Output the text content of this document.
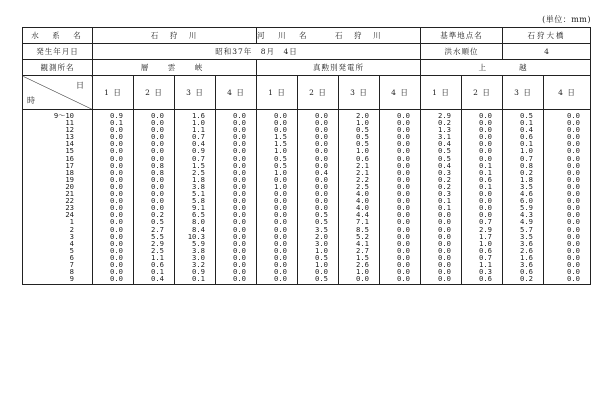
(単位：mm)
水　系　名	石　狩　川				河　川　名	石　狩　川			基準地点名		石狩大橋	
発生年月日	昭和37年　8月　4日								洪水順位		4	
観測所名	層　雲　峡				真勲別発電所				上　　越			

日
時	1 日	2 日	3 日	4 日	1 日	2 日	3 日	4 日	1 日	2 日	3 日	4 日
9〜10	0.9	0.0	1.6	0.0	0.0	0.0	2.0	0.0	2.9	0.0	0.5	0.0
11	0.1	0.0	1.0	0.0	0.0	0.0	1.0	0.0	0.2	0.0	0.1	0.0
12	0.0	0.0	1.1	0.0	0.0	0.0	0.5	0.0	1.3	0.0	0.4	0.0
13	0.0	0.0	0.7	0.0	1.5	0.0	0.5	0.0	3.1	0.0	0.6	0.0
14	0.0	0.0	0.4	0.0	1.5	0.0	0.5	0.0	0.4	0.0	0.1	0.0
15	0.0	0.0	0.9	0.0	1.0	0.0	1.0	0.0	0.5	0.0	1.0	0.0
16	0.0	0.0	0.7	0.0	0.5	0.0	0.6	0.0	0.5	0.0	0.7	0.0
17	0.0	0.8	1.5	0.0	0.5	0.0	2.1	0.0	0.4	0.1	0.8	0.0
18	0.0	0.8	2.5	0.0	1.0	0.4	2.1	0.0	0.3	0.1	0.2	0.0
19	0.0	0.0	1.8	0.0	0.0	0.0	2.2	0.0	0.2	0.6	1.8	0.0
20	0.0	0.0	3.8	0.0	1.0	0.0	2.5	0.0	0.2	0.1	3.5	0.0
21	0.0	0.0	5.1	0.0	0.0	0.0	4.0	0.0	0.3	0.0	4.6	0.0
22	0.0	0.0	5.8	0.0	0.0	0.0	4.0	0.0	0.1	0.0	6.0	0.0
23	0.0	0.0	9.1	0.0	0.0	0.0	4.0	0.0	0.1	0.0	5.9	0.0
24	0.0	0.2	6.5	0.0	0.0	0.5	4.4	0.0	0.0	0.0	4.3	0.0
1	0.0	0.5	8.0	0.0	0.0	0.5	7.1	0.0	0.0	0.7	4.9	0.0
2	0.0	2.7	8.4	0.0	0.0	3.5	8.5	0.0	0.0	2.9	5.7	0.0
3	0.0	5.5	10.3	0.0	0.0	2.0	5.2	0.0	0.0	1.7	3.5	0.0
4	0.0	2.9	5.9	0.0	0.0	3.0	4.1	0.0	0.0	1.0	3.6	0.0
5	0.0	2.5	3.8	0.0	0.0	1.0	2.7	0.0	0.0	0.6	2.6	0.0
6	0.0	1.1	3.0	0.0	0.0	0.5	1.5	0.0	0.0	0.7	1.6	0.0
7	0.0	0.6	3.2	0.0	0.0	1.0	2.6	0.0	0.0	1.1	3.6	0.0
8	0.0	0.1	0.9	0.0	0.0	0.0	1.0	0.0	0.0	0.3	0.6	0.0
9	0.0	0.4	0.1	0.0	0.0	0.5	0.0	0.0	0.0	0.6	0.2	0.0
